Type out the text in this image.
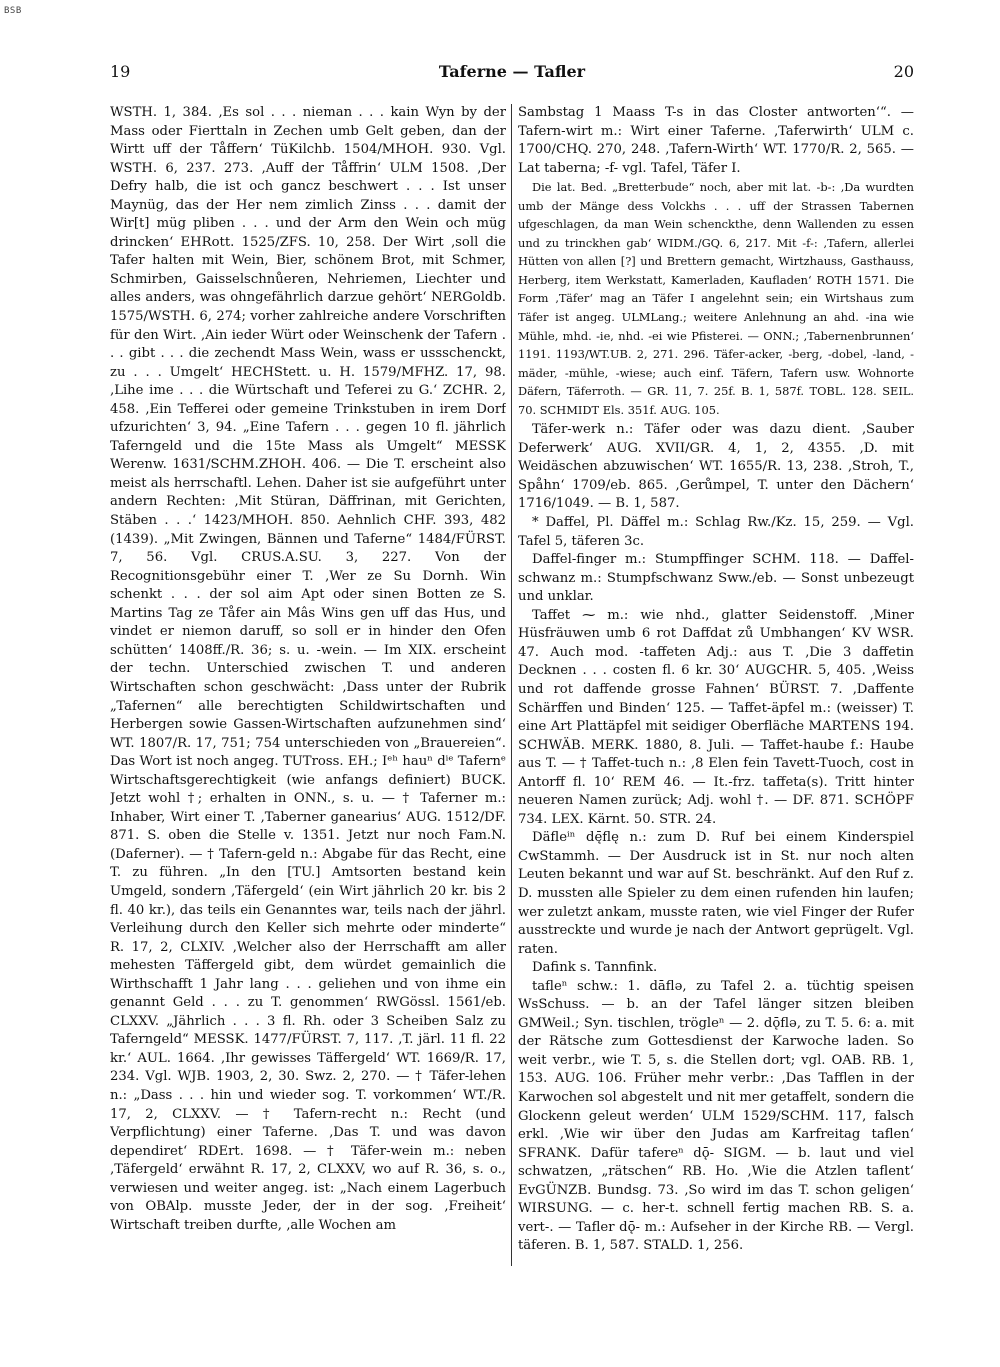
BSB
19	Taferne — Tafler	20

WSTH. 1, 384. ‚Es sol . . . nieman . . . kain Wyn by der Mass oder Fierttaln in Zechen umb Gelt geben, dan der Wirtt uff der Tåffern‘ TüKilchb. 1504/MHOH. 930. Vgl. WSTH. 6, 237. 273. ‚Auff der Tåffrin‘ ULM 1508. ‚Der Defry halb, die ist och gancz beschwert . . . Ist unser Maynüg, das der Her nem zimlich Zinss . . . damit der Wir[t] müg pliben . . . und der Arm den Wein och müg drincken‘ EHRott. 1525/ZFS. 10, 258. Der Wirt ‚soll die Tafer halten mit Wein, Bier, schönem Brot, mit Schmer, Schmirben, Gaisselschnůeren, Nehriemen, Liechter und alles anders, was ohngefährlich darzue gehört‘ NERGoldb. 1575/WSTH. 6, 274; vorher zahlreiche andere Vorschriften für den Wirt. ‚Ain ieder Würt oder Weinschenk der Tafern . . . gibt . . . die zechendt Mass Wein, wass er ussschenckt, zu . . . Umgelt‘ HECHStett. u. H. 1579/MFHZ. 17, 98. ‚Lihe ime . . . die Würtschaft und Teferei zu G.‘ ZCHR. 2, 458. ‚Ein Tefferei oder gemeine Trinkstuben in irem Dorf ufzurichten‘ 3, 94. „Eine Tafern . . . gegen 10 fl. jährlich Taferngeld und die 15te Mass als Umgelt“ MESSK Werenw. 1631/SCHM.ZHOH. 406. — Die T. erscheint also meist als herrschaftl. Lehen. Daher ist sie aufgeführt unter andern Rechten: ‚Mit Stüran, Däffrinan, mit Gerichten, Stäben . . .‘ 1423/MHOH. 850. Aehnlich CHF. 393, 482 (1439). „Mit Zwingen, Bännen und Taferne“ 1484/FÜRST. 7, 56. Vgl. CRUS.A.SU. 3, 227. Von der Recognitionsgebühr einer T. ‚Wer ze Su Dornh. Win schenkt . . . der sol aim Apt oder sinen Botten ze S. Martins Tag ze Tåfer ain Mâs Wins gen uff das Hus, und vindet er niemon daruff, so soll er in hinder den Ofen schütten‘ 1408ff./R. 36; s. u. -wein. — Im XIX. erscheint der techn. Unterschied zwischen T. und anderen Wirtschaften schon geschwächt: ‚Dass unter der Rubrik „Tafernen“ alle berechtigten Schildwirtschaften und Herbergen sowie Gassen-Wirtschaften aufzunehmen sind‘ WT. 1807/R. 17, 751; 754 unterschieden von „Brauereien“. Das Wort ist noch angeg. TUTross. EH.; Iᵉʰ hauⁿ dⁱᵉ Tafernᵉ Wirtschaftsgerechtigkeit (wie anfangs definiert) BUCK. Jetzt wohl †; erhalten in ONN., s. u. — † Taferner m.: Inhaber, Wirt einer T. ‚Taberner ganearius‘ AUG. 1512/DF. 871. S. oben die Stelle v. 1351. Jetzt nur noch Fam.N. (Daferner). — † Tafern-geld n.: Abgabe für das Recht, eine T. zu führen. „In den [TU.] Amtsorten bestand kein Umgeld, sondern ‚Täfergeld‘ (ein Wirt jährlich 20 kr. bis 2 fl. 40 kr.), das teils ein Genanntes war, teils nach der jährl. Verleihung durch den Keller sich mehrte oder minderte“ R. 17, 2, CLXIV. ‚Welcher also der Herrschafft am aller mehesten Täffergeld gibt, dem würdet gemainlich die Wirthschafft 1 Jahr lang . . . geliehen und von ihme ein genannt Geld . . . zu T. genommen‘ RWGössl. 1561/eb. CLXXV. „Jährlich . . . 3 fl. Rh. oder 3 Scheiben Salz zu Taferngeld“ MESSK. 1477/FÜRST. 7, 117. ‚T. järl. 11 fl. 22 kr.‘ AUL. 1664. ‚Ihr gewisses Täffergeld‘ WT. 1669/R. 17, 234. Vgl. WJB. 1903, 2, 30. Swz. 2, 270. — † Täfer-lehen n.: „Dass . . . hin und wieder sog. T. vorkommen‘ WT./R. 17, 2, CLXXV. — † Tafern-recht n.: Recht (und Verpflichtung) einer Taferne. ‚Das T. und was davon dependiret‘ RDErt. 1698. — † Täfer-wein m.: neben ‚Täfergeld‘ erwähnt R. 17, 2, CLXXV, wo auf R. 36, s. o., verwiesen und weiter angeg. ist: „Nach einem Lagerbuch von OBAlp. musste Jeder, der in der sog. ‚Freiheit‘ Wirtschaft treiben durfte, ‚alle Wochen am

Sambstag 1 Maass T-s in das Closter antworten‘“. — Tafern-wirt m.: Wirt einer Taferne. ‚Taferwirth‘ ULM c. 1700/CHQ. 270, 248. ‚Tafern-Wirth‘ WT. 1770/R. 2, 565. — Lat taberna; -f- vgl. Tafel, Täfer I.

Die lat. Bed. „Bretterbude“ noch, aber mit lat. -b-: ‚Da wurdten umb der Mänge dess Volckhs . . . uff der Strassen Tabernen ufgeschlagen, da man Wein schenckthe, denn Wallenden zu essen und zu trinckhen gab‘ WIDM./GQ. 6, 217. Mit -f-: ‚Tafern, allerlei Hütten von allen [?] und Brettern gemacht, Wirtzhauss, Gasthauss, Herberg, item Werkstatt, Kamerladen, Kaufladen‘ ROTH 1571. Die Form ‚Täfer‘ mag an Täfer I angelehnt sein; ein Wirtshaus zum Täfer ist angeg. ULMLang.; weitere Anlehnung an ahd. -ina wie Mühle, mhd. -ie, nhd. -ei wie Pfisterei. — ONN.; ‚Tabernenbrunnen‘ 1191. 1193/WT.UB. 2, 271. 296. Täfer-acker, -berg, -dobel, -land, -mäder, -mühle, -wiese; auch einf. Täfern, Tafern usw. Wohnorte Däfern, Täferroth. — GR. 11, 7. 25f. B. 1, 587f. TOBL. 128. SEIL. 70. SCHMIDT Els. 351f. AUG. 105.

Täfer-werk n.: Täfer oder was dazu dient. ‚Sauber Deferwerk‘ AUG. XVII/GR. 4, 1, 2, 4355. ‚D. mit Weidäschen abzuwischen‘ WT. 1655/R. 13, 238. ‚Stroh, T., Spåhn‘ 1709/eb. 865. ‚Gerůmpel, T. unter den Dächern‘ 1716/1049. — B. 1, 587.

* Daffel, Pl. Däffel m.: Schlag Rw./Kz. 15, 259. — Vgl. Tafel 5, täferen 3c.

Daffel-finger m.: Stumpffinger SCHM. 118. — Daffel-schwanz m.: Stumpfschwanz Sww./eb. — Sonst unbezeugt und unklar.

Taffet ⁓ m.: wie nhd., glatter Seidenstoff. ‚Miner Hüsfräuwen umb 6 rot Daffdat zů Umbhangen‘ KV WSR. 47. Auch mod. -taffeten Adj.: aus T. ‚Die 3 daffetin Decknen . . . costen fl. 6 kr. 30‘ AUGCHR. 5, 405. ‚Weiss und rot daffende grosse Fahnen‘ BÜRST. 7. ‚Daffente Schärffen und Binden‘ 125. — Taffet-äpfel m.: (weisser) T. eine Art Plattäpfel mit seidiger Oberfläche MARTENS 194. SCHWÄB. MERK. 1880, 8. Juli. — Taffet-haube f.: Haube aus T. — † Taffet-tuch n.: ‚8 Elen fein Tavett-Tuoch, cost in Antorff fl. 10‘ REM 46. — It.-frz. taffeta(s). Tritt hinter neueren Namen zurück; Adj. wohl †. — DF. 871. SCHÖPF 734. LEX. Kärnt. 50. STR. 24.

Däfleⁱⁿ dę̄flę n.: zum D. Ruf bei einem Kinderspiel CwStammh. — Der Ausdruck ist in St. nur noch alten Leuten bekannt und war auf St. beschränkt. Auf den Ruf z. D. mussten alle Spieler zu dem einen rufenden hin laufen; wer zuletzt ankam, musste raten, wie viel Finger der Rufer ausstreckte und wurde je nach der Antwort geprügelt. Vgl. raten.

Dafink s. Tannfink.

tafleⁿ schw.: 1. dāflə, zu Tafel 2. a. tüchtig speisen WsSchuss. — b. an der Tafel länger sitzen bleiben GMWeil.; Syn. tischlen, trögleⁿ — 2. dǭflə, zu T. 5. 6: a. mit der Rätsche zum Gottesdienst der Karwoche laden. So weit verbr., wie T. 5, s. die Stellen dort; vgl. OAB. RB. 1, 153. AUG. 106. Früher mehr verbr.: ‚Das Tafflen in der Karwochen sol abgestelt und nit mer getaffelt, sondern die Glockenn geleut werden‘ ULM 1529/SCHM. 117, falsch erkl. ‚Wie wir über den Judas am Karfreitag taflen‘ SFRANK. Dafür tafereⁿ dǭ- SIGM. — b. laut und viel schwatzen, „rätschen“ RB. Ho. ‚Wie die Atzlen taflent‘ EvGÜNZB. Bundsg. 73. ‚So wird im das T. schon geligen‘ WIRSUNG. — c. her-t. schnell fertig machen RB. S. a. vert-. — Tafler dǭ- m.: Aufseher in der Kirche RB. — Vergl. täferen. B. 1, 587. STALD. 1, 256.
